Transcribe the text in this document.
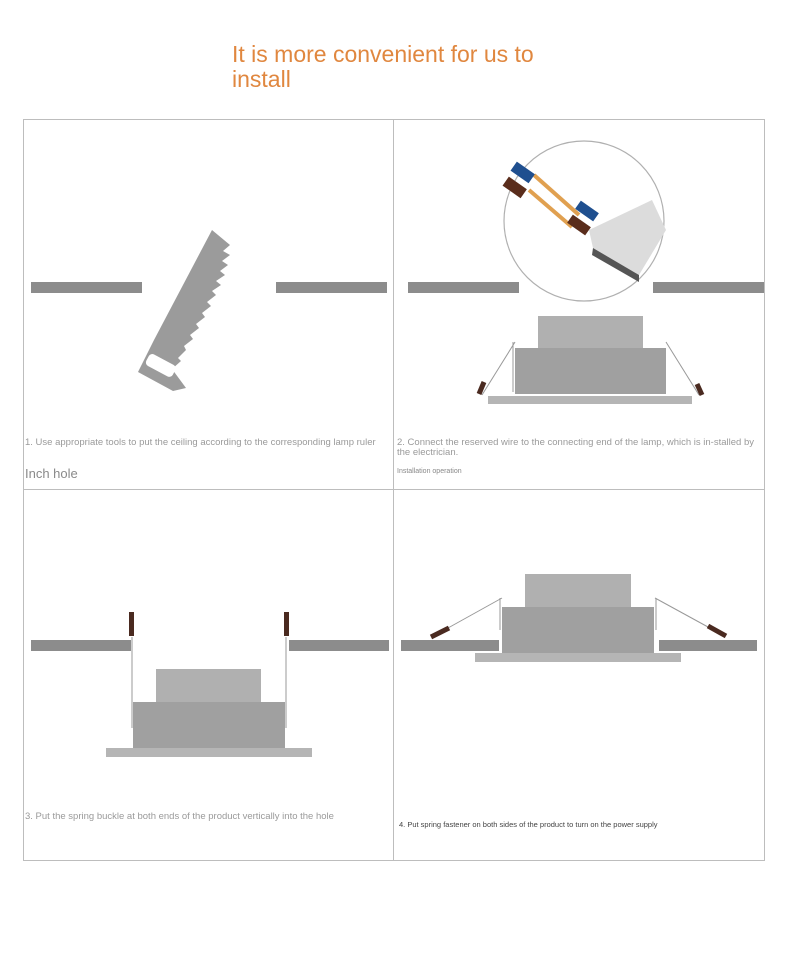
It is more convenient for us to install
1. Use appropriate tools to put the ceiling according to the corresponding lamp ruler
Inch hole
2. Connect the reserved wire to the connecting end of the lamp, which is in-stalled by the electrician.
Installation operation
3. Put the spring buckle at both ends of the product vertically into the hole
4. Put spring fastener on both sides of the product to turn on the power supply
